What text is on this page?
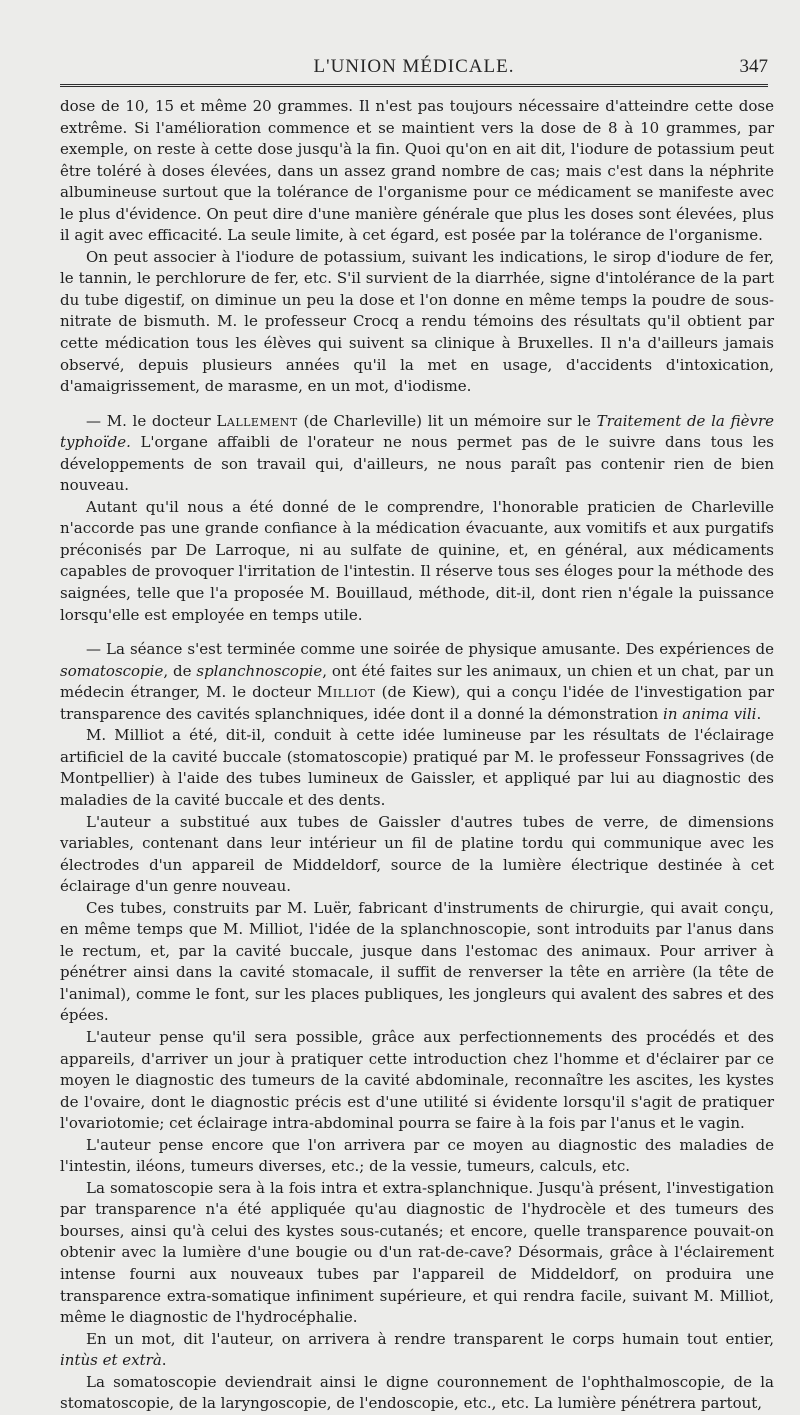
L'UNION MÉDICALE.	347

dose de 10, 15 et même 20 grammes. Il n'est pas toujours nécessaire d'atteindre cette dose extrême. Si l'amélioration commence et se maintient vers la dose de 8 à 10 grammes, par exemple, on reste à cette dose jusqu'à la fin. Quoi qu'on en ait dit, l'iodure de potassium peut être toléré à doses élevées, dans un assez grand nombre de cas; mais c'est dans la néphrite albumineuse surtout que la tolérance de l'organisme pour ce médicament se manifeste avec le plus d'évidence. On peut dire d'une manière générale que plus les doses sont élevées, plus il agit avec efficacité. La seule limite, à cet égard, est posée par la tolérance de l'organisme.

On peut associer à l'iodure de potassium, suivant les indications, le sirop d'iodure de fer, le tannin, le perchlorure de fer, etc. S'il survient de la diarrhée, signe d'intolérance de la part du tube digestif, on diminue un peu la dose et l'on donne en même temps la poudre de sous-nitrate de bismuth. M. le professeur Crocq a rendu témoins des résultats qu'il obtient par cette médication tous les élèves qui suivent sa clinique à Bruxelles. Il n'a d'ailleurs jamais observé, depuis plusieurs années qu'il la met en usage, d'accidents d'intoxication, d'amaigrissement, de marasme, en un mot, d'iodisme.

— M. le docteur Lallement (de Charleville) lit un mémoire sur le Traitement de la fièvre typhoïde. L'organe affaibli de l'orateur ne nous permet pas de le suivre dans tous les développements de son travail qui, d'ailleurs, ne nous paraît pas contenir rien de bien nouveau.

Autant qu'il nous a été donné de le comprendre, l'honorable praticien de Charleville n'accorde pas une grande confiance à la médication évacuante, aux vomitifs et aux purgatifs préconisés par De Larroque, ni au sulfate de quinine, et, en général, aux médicaments capables de provoquer l'irritation de l'intestin. Il réserve tous ses éloges pour la méthode des saignées, telle que l'a proposée M. Bouillaud, méthode, dit-il, dont rien n'égale la puissance lorsqu'elle est employée en temps utile.

— La séance s'est terminée comme une soirée de physique amusante. Des expériences de somatoscopie, de splanchnoscopie, ont été faites sur les animaux, un chien et un chat, par un médecin étranger, M. le docteur Milliot (de Kiew), qui a conçu l'idée de l'investigation par transparence des cavités splanchniques, idée dont il a donné la démonstration in anima vili.

M. Milliot a été, dit-il, conduit à cette idée lumineuse par les résultats de l'éclairage artificiel de la cavité buccale (stomatoscopie) pratiqué par M. le professeur Fonssagrives (de Montpellier) à l'aide des tubes lumineux de Gaissler, et appliqué par lui au diagnostic des maladies de la cavité buccale et des dents.

L'auteur a substitué aux tubes de Gaissler d'autres tubes de verre, de dimensions variables, contenant dans leur intérieur un fil de platine tordu qui communique avec les électrodes d'un appareil de Middeldorf, source de la lumière électrique destinée à cet éclairage d'un genre nouveau.

Ces tubes, construits par M. Luër, fabricant d'instruments de chirurgie, qui avait conçu, en même temps que M. Milliot, l'idée de la splanchnoscopie, sont introduits par l'anus dans le rectum, et, par la cavité buccale, jusque dans l'estomac des animaux. Pour arriver à pénétrer ainsi dans la cavité stomacale, il suffit de renverser la tête en arrière (la tête de l'animal), comme le font, sur les places publiques, les jongleurs qui avalent des sabres et des épées.

L'auteur pense qu'il sera possible, grâce aux perfectionnements des procédés et des appareils, d'arriver un jour à pratiquer cette introduction chez l'homme et d'éclairer par ce moyen le diagnostic des tumeurs de la cavité abdominale, reconnaître les ascites, les kystes de l'ovaire, dont le diagnostic précis est d'une utilité si évidente lorsqu'il s'agit de pratiquer l'ovariotomie; cet éclairage intra-abdominal pourra se faire à la fois par l'anus et le vagin.

L'auteur pense encore que l'on arrivera par ce moyen au diagnostic des maladies de l'intestin, iléons, tumeurs diverses, etc.; de la vessie, tumeurs, calculs, etc.

La somatoscopie sera à la fois intra et extra-splanchnique. Jusqu'à présent, l'investigation par transparence n'a été appliquée qu'au diagnostic de l'hydrocèle et des tumeurs des bourses, ainsi qu'à celui des kystes sous-cutanés; et encore, quelle transparence pouvait-on obtenir avec la lumière d'une bougie ou d'un rat-de-cave? Désormais, grâce à l'éclairement intense fourni aux nouveaux tubes par l'appareil de Middeldorf, on produira une transparence extra-somatique infiniment supérieure, et qui rendra facile, suivant M. Milliot, même le diagnostic de l'hydrocéphalie.

En un mot, dit l'auteur, on arrivera à rendre transparent le corps humain tout entier, intùs et extrà.

La somatoscopie deviendrait ainsi le digne couronnement de l'ophthalmoscopie, de la stomatoscopie, de la laryngoscopie, de l'endoscopie, etc., etc. La lumière pénétrera partout,
